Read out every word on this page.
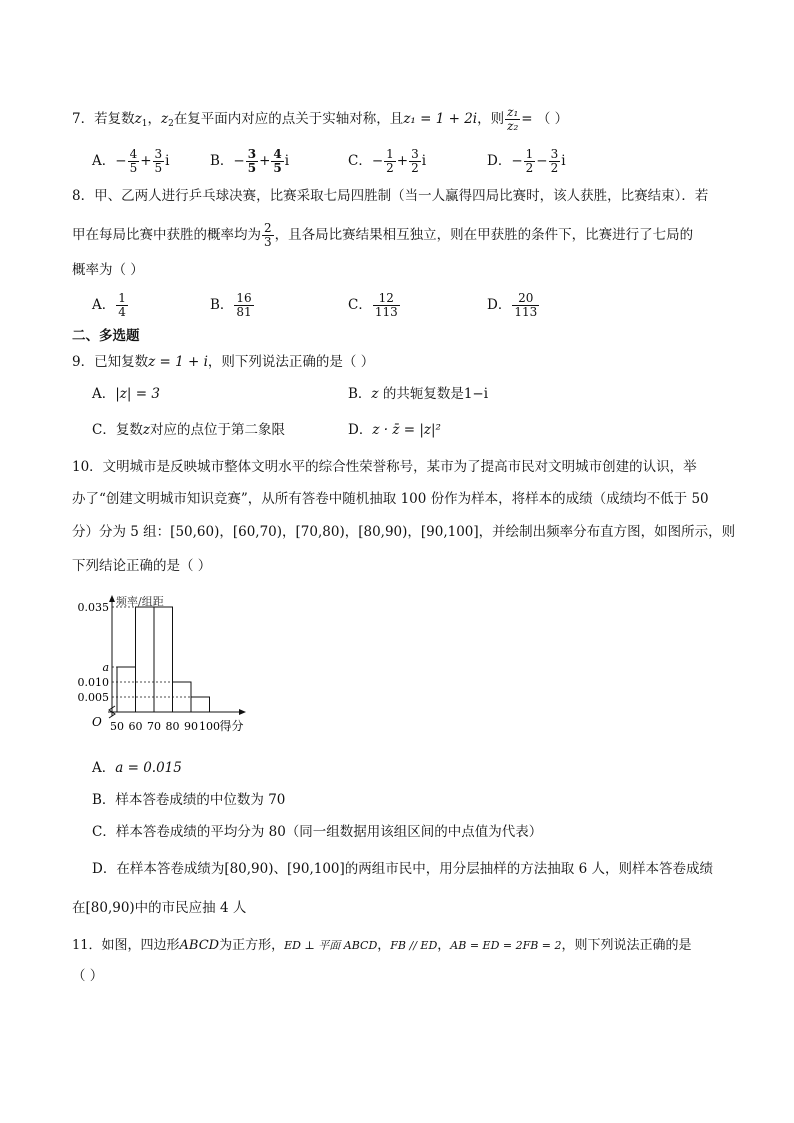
7．若复数$z_1$，$z_2$在复平面内对应的点关于实轴对称，且z₁ = 1 + 2i，则 $\frac{\text{z₁}}{\text{z₂}}$ = （ ）
A．− $\frac{4}{5} + \frac{3}{5}$ i	B．− $\frac{3}{5} + \frac{4}{5}$ i	C．− $\frac{1}{2} + \frac{3}{2}$ i	D．− $\frac{1}{2} - \frac{3}{2}$ i
8．甲、乙两人进行乒乓球决赛，比赛采取七局四胜制（当一人赢得四局比赛时，该人获胜，比赛结束）．若
甲在每局比赛中获胜的概率均为 $\frac{2}{3}$ ，且各局比赛结果相互独立，则在甲获胜的条件下，比赛进行了七局的
概率为（ ）
A． $\frac{1}{4}$	B． $\frac{16}{81}$	C． $\frac{12}{113}$	D． $\frac{20}{113}$
二、多选题
9．已知复数z = 1 + i，则下列说法正确的是（ ）
A．|z| = 3	B．z 的共轭复数是1−i
C．复数z对应的点位于第二象限	D．z · z̄ = |z|²
10．文明城市是反映城市整体文明水平的综合性荣誉称号，某市为了提高市民对文明城市创建的认识，举
办了“创建文明城市知识竞赛”，从所有答卷中随机抽取 100 份作为样本，将样本的成绩（成绩均不低于 50
分）分为 5 组：[50,60)，[60,70)，[70,80)，[80,90)，[90,100]，并绘制出频率分布直方图，如图所示，则
下列结论正确的是（ ）
频率/组距
O
0.035
a
0.010
0.005
50 60 70 80 90 100 得分
A．a = 0.015
B．样本答卷成绩的中位数为 70
C．样本答卷成绩的平均分为 80（同一组数据用该组区间的中点值为代表）
D．在样本答卷成绩为[80,90)、[90,100]的两组市民中，用分层抽样的方法抽取 6 人，则样本答卷成绩
在[80,90)中的市民应抽 4 人
11．如图，四边形ABCD为正方形，ED ⊥ 平面 ABCD，FB // ED，AB = ED = 2FB = 2，则下列说法正确的是
（ ）
